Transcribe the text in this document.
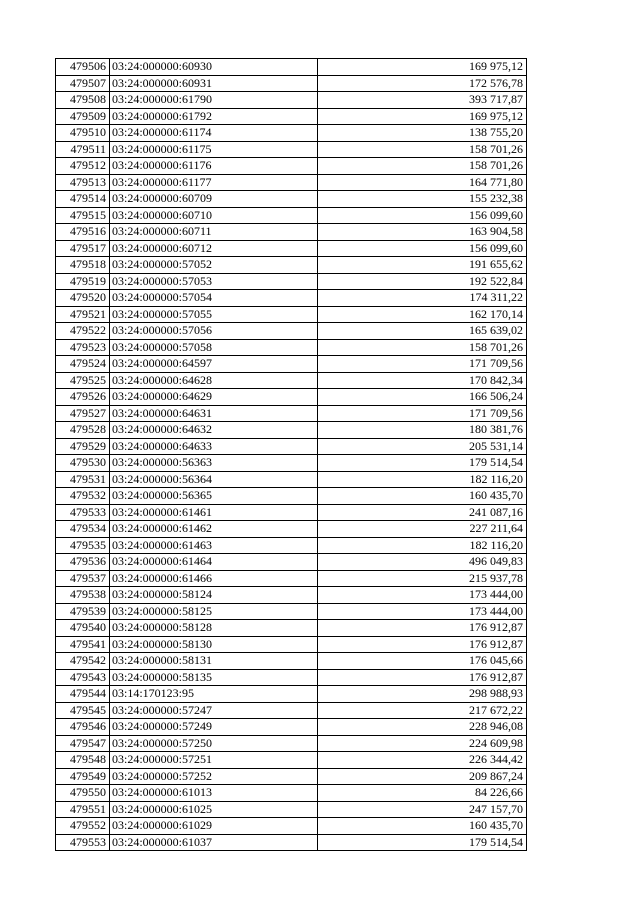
479506	03:24:000000:60930	169 975,12
479507	03:24:000000:60931	172 576,78
479508	03:24:000000:61790	393 717,87
479509	03:24:000000:61792	169 975,12
479510	03:24:000000:61174	138 755,20
479511	03:24:000000:61175	158 701,26
479512	03:24:000000:61176	158 701,26
479513	03:24:000000:61177	164 771,80
479514	03:24:000000:60709	155 232,38
479515	03:24:000000:60710	156 099,60
479516	03:24:000000:60711	163 904,58
479517	03:24:000000:60712	156 099,60
479518	03:24:000000:57052	191 655,62
479519	03:24:000000:57053	192 522,84
479520	03:24:000000:57054	174 311,22
479521	03:24:000000:57055	162 170,14
479522	03:24:000000:57056	165 639,02
479523	03:24:000000:57058	158 701,26
479524	03:24:000000:64597	171 709,56
479525	03:24:000000:64628	170 842,34
479526	03:24:000000:64629	166 506,24
479527	03:24:000000:64631	171 709,56
479528	03:24:000000:64632	180 381,76
479529	03:24:000000:64633	205 531,14
479530	03:24:000000:56363	179 514,54
479531	03:24:000000:56364	182 116,20
479532	03:24:000000:56365	160 435,70
479533	03:24:000000:61461	241 087,16
479534	03:24:000000:61462	227 211,64
479535	03:24:000000:61463	182 116,20
479536	03:24:000000:61464	496 049,83
479537	03:24:000000:61466	215 937,78
479538	03:24:000000:58124	173 444,00
479539	03:24:000000:58125	173 444,00
479540	03:24:000000:58128	176 912,87
479541	03:24:000000:58130	176 912,87
479542	03:24:000000:58131	176 045,66
479543	03:24:000000:58135	176 912,87
479544	03:14:170123:95	298 988,93
479545	03:24:000000:57247	217 672,22
479546	03:24:000000:57249	228 946,08
479547	03:24:000000:57250	224 609,98
479548	03:24:000000:57251	226 344,42
479549	03:24:000000:57252	209 867,24
479550	03:24:000000:61013	84 226,66
479551	03:24:000000:61025	247 157,70
479552	03:24:000000:61029	160 435,70
479553	03:24:000000:61037	179 514,54
